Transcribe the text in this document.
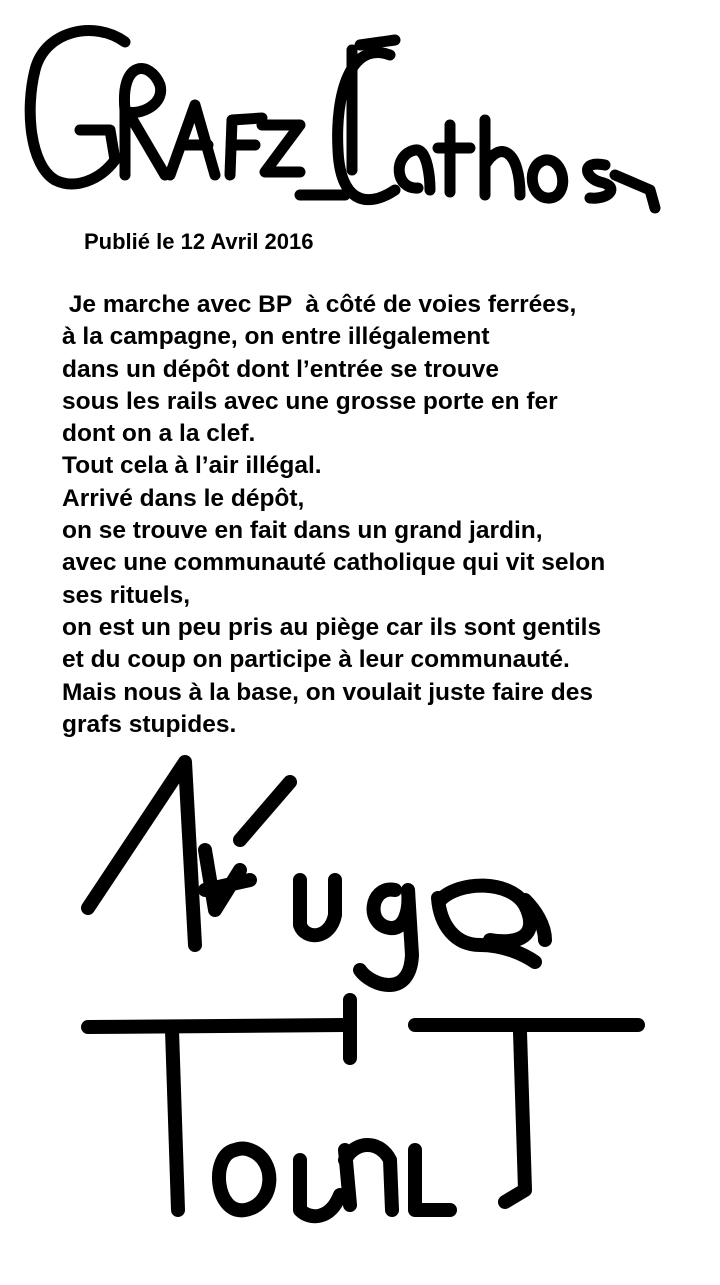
Publié le 12 Avril 2016
Je marche avec BP  à côté de voies ferrées,
à la campagne, on entre illégalement
dans un dépôt dont l’entrée se trouve
sous les rails avec une grosse porte en fer
dont on a la clef.
Tout cela à l’air illégal.
Arrivé dans le dépôt,
on se trouve en fait dans un grand jardin,
avec une communauté catholique qui vit selon
ses rituels,
on est un peu pris au piège car ils sont gentils
et du coup on participe à leur communauté.
Mais nous à la base, on voulait juste faire des
grafs stupides.
